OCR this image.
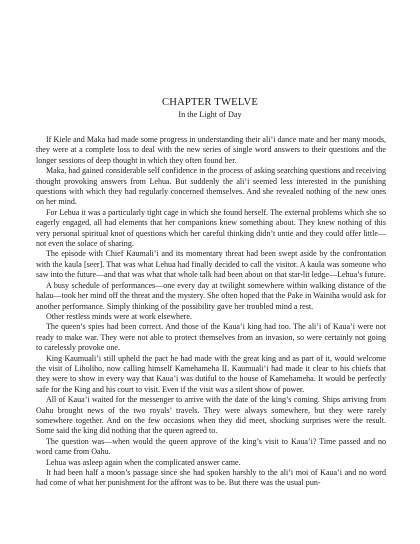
CHAPTER TWELVE

In the Light of Day

If Kiele and Maka had made some progress in understanding their ali’i dance mate and her many moods, they were at a complete loss to deal with the new series of single word answers to their questions and the longer sessions of deep thought in which they often found her.

Maka, had gained considerable self confidence in the process of asking searching questions and receiving thought provoking answers from Lehua. But suddenly the ali’i seemed less interested in the punishing questions with which they had regularly concerned themselves. And she revealed nothing of the new ones on her mind.

For Lehua it was a particularly tight cage in which she found herself. The external problems which she so eagerly engaged, all had elements that her companions knew something about. They knew nothing of this very personal spiritual knot of questions which her careful thinking didn’t untie and they could offer little—not even the solace of sharing.

The episode with Chief Kaumali’i and its momentary threat had been swept aside by the confrontation with the kaula [seer]. That was what Lehua had finally decided to call the visitor. A kaula was someone who saw into the future—and that was what that whole talk had been about on that star-lit ledge—Lehua’s future.

A busy schedule of performances—one every day at twilight somewhere within walking distance of the halau—took her mind off the threat and the mystery. She often hoped that the Pake in Wainiha would ask for another performance. Simply thinking of the possibility gave her troubled mind a rest.

Other restless minds were at work elsewhere.

The queen’s spies had been correct. And those of the Kaua’i king had too. The ali’i of Kaua’i were not ready to make war. They were not able to protect themselves from an invasion, so were certainly not going to carelessly provoke one.

King Kaumuali’i still upheld the pact he had made with the great king and as part of it, would welcome the visit of Liholiho, now calling himself Kamehameha II. Kaumuali’i had made it clear to his chiefs that they were to show in every way that Kaua’i was dutiful to the house of Kamehameha. It would be perfectly safe for the King and his court to visit. Even if the visit was a silent show of power.

All of Kaua’i waited for the messenger to arrive with the date of the king’s coming. Ships arriving from Oahu brought news of the two royals’ travels. They were always somewhere, but they were rarely somewhere together. And on the few occasions when they did meet, shocking surprises were the result. Some said the king did nothing that the queen agreed to.

The question was—when would the queen approve of the king’s visit to Kaua’i? Time passed and no word came from Oahu.

Lehua was asleep again when the complicated answer came.

It had been half a moon’s passage since she had spoken harshly to the ali’i moi of Kaua’i and no word had come of what her punishment for the affront was to be. But there was the usual pun-
